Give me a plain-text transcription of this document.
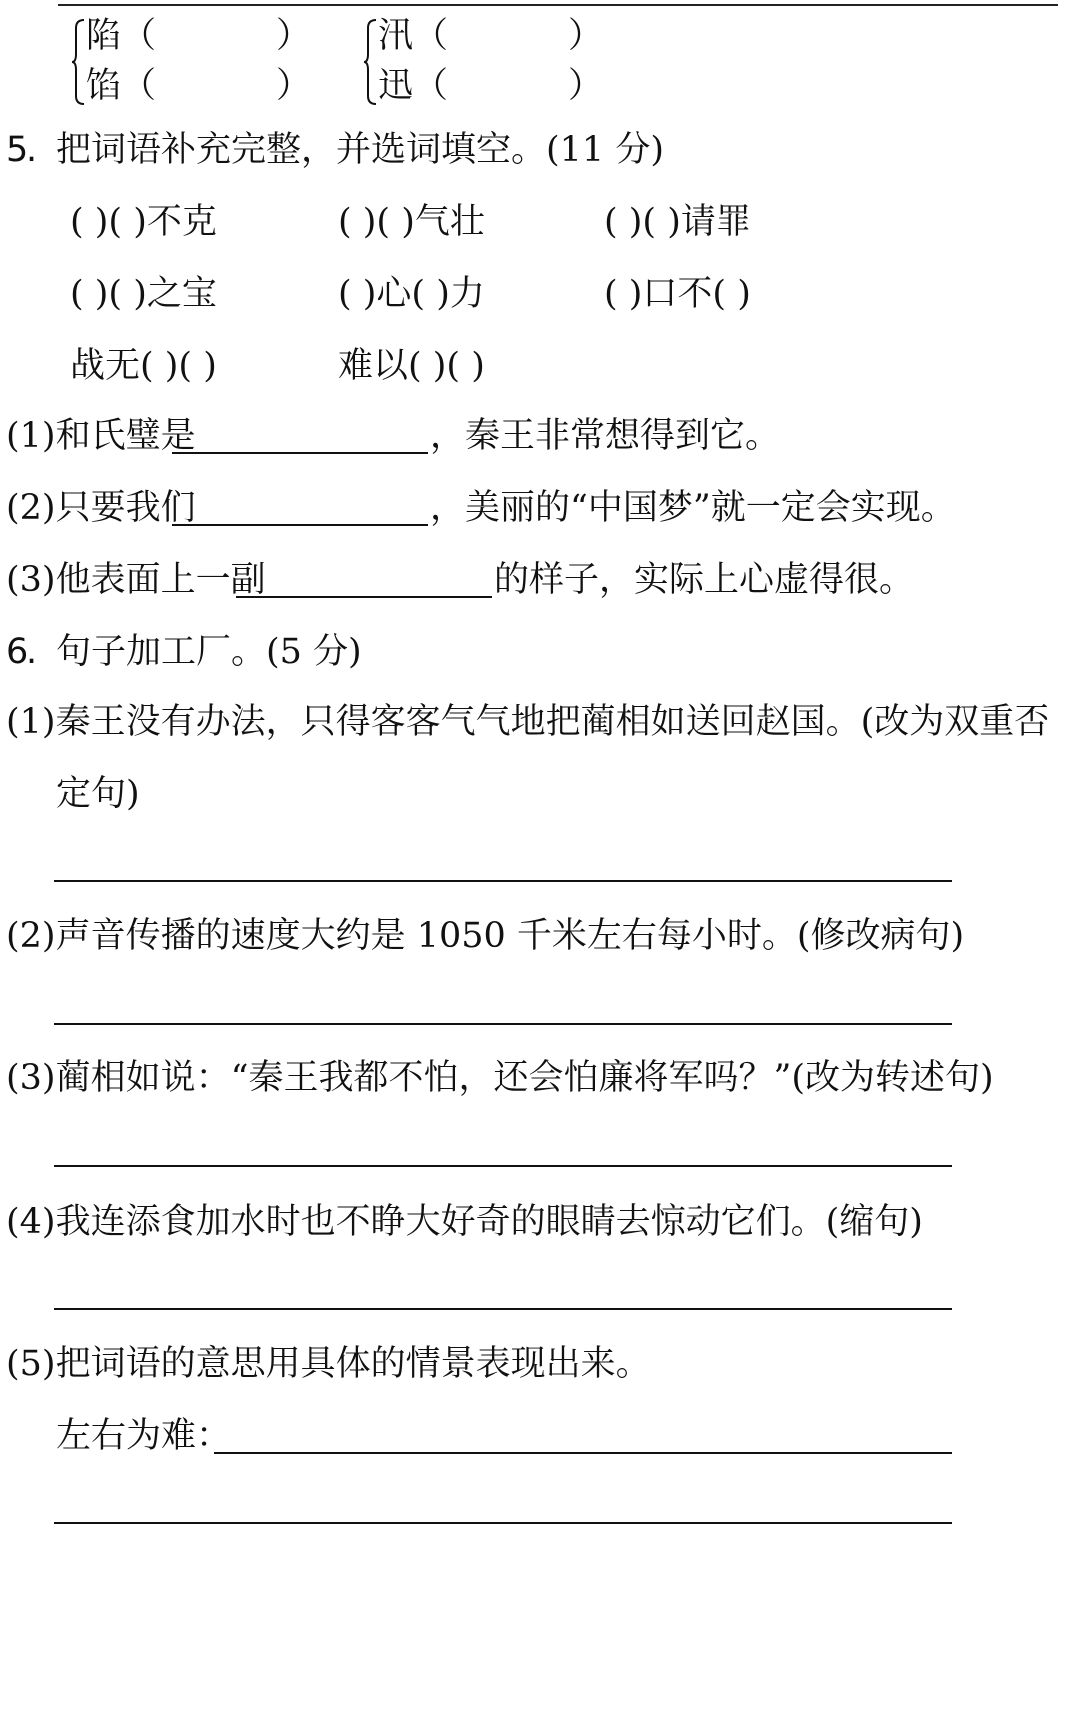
陷（	）
馅（	）
汛（	）
迅（	）
5
. 把词语补充完整，并选词填空。(11 分)
( )( )不克	( )( )气壮	( )( )请罪
( )( )之宝	( )心( )力	( )口不( )
战无( )( )	难以( )( )
(1)和氏璧是	，秦王非常想得到它。
(2)只要我们	，美丽的“中国梦”就一定会实现。
(3)他表面上一副	的样子，实际上心虚得很。
6
. 句子加工厂。(5 分)
(1)秦王没有办法，只得客客气气地把蔺相如送回赵国。(改为双重否
定句)
(2)声音传播的速度大约是 1050 千米左右每小时。(修改病句)
(3)蔺相如说：“秦王我都不怕，还会怕廉将军吗？”(改为转述句)
(4)我连添食加水时也不睁大好奇的眼睛去惊动它们。(缩句)
(5)把词语的意思用具体的情景表现出来。
左右为难：
